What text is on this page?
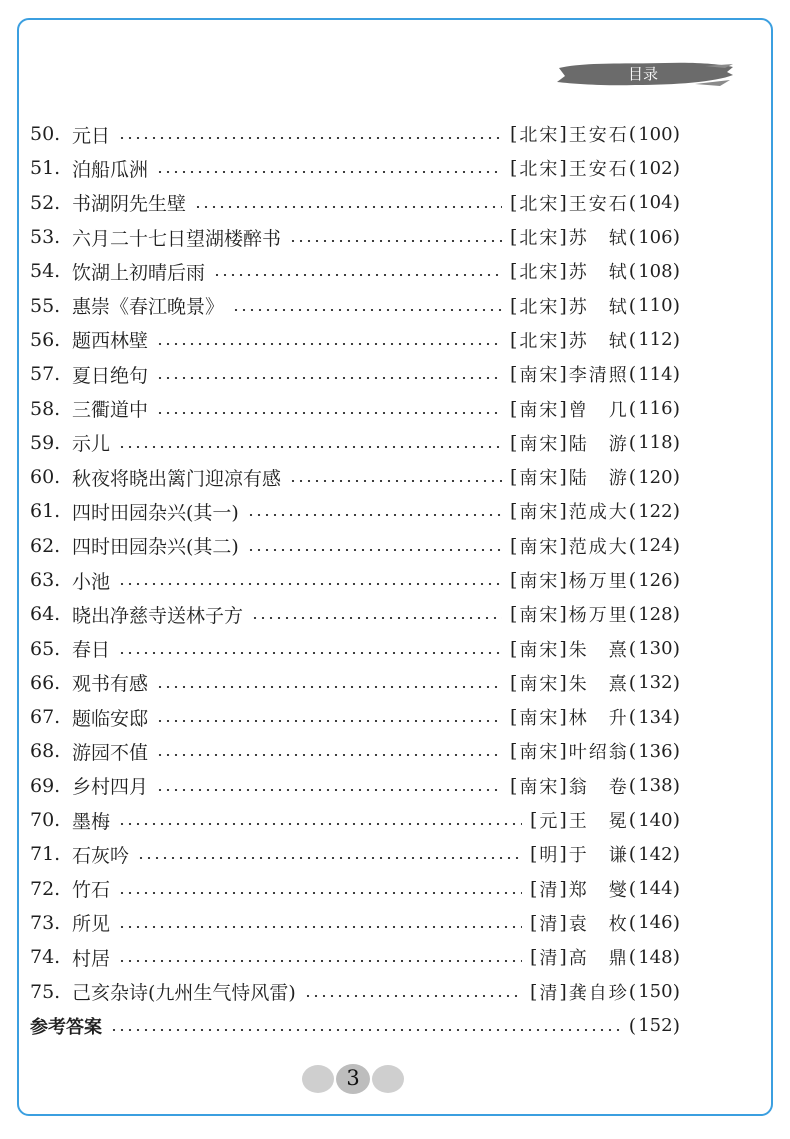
目录
50. 元日	[ 北宋 ] 王安石 ( 100 )
51. 泊船瓜洲	[ 北宋 ] 王安石 ( 102 )
52. 书湖阴先生壁	[ 北宋 ] 王安石 ( 104 )
53. 六月二十七日望湖楼醉书	[ 北宋 ] 苏　轼 ( 106 )
54. 饮湖上初晴后雨	[ 北宋 ] 苏　轼 ( 108 )
55. 惠崇《春江晚景》	[ 北宋 ] 苏　轼 ( 110 )
56. 题西林壁	[ 北宋 ] 苏　轼 ( 112 )
57. 夏日绝句	[ 南宋 ] 李清照 ( 114 )
58. 三衢道中	[ 南宋 ] 曾　几 ( 116 )
59. 示儿	[ 南宋 ] 陆　游 ( 118 )
60. 秋夜将晓出篱门迎凉有感	[ 南宋 ] 陆　游 ( 120 )
61. 四时田园杂兴(其一)	[ 南宋 ] 范成大 ( 122 )
62. 四时田园杂兴(其二)	[ 南宋 ] 范成大 ( 124 )
63. 小池	[ 南宋 ] 杨万里 ( 126 )
64. 晓出净慈寺送林子方	[ 南宋 ] 杨万里 ( 128 )
65. 春日	[ 南宋 ] 朱　熹 ( 130 )
66. 观书有感	[ 南宋 ] 朱　熹 ( 132 )
67. 题临安邸	[ 南宋 ] 林　升 ( 134 )
68. 游园不值	[ 南宋 ] 叶绍翁 ( 136 )
69. 乡村四月	[ 南宋 ] 翁　卷 ( 138 )
70. 墨梅	[ 元 ] 王　冕 ( 140 )
71. 石灰吟	[ 明 ] 于　谦 ( 142 )
72. 竹石	[ 清 ] 郑　燮 ( 144 )
73. 所见	[ 清 ] 袁　枚 ( 146 )
74. 村居	[ 清 ] 高　鼎 ( 148 )
75. 己亥杂诗(九州生气恃风雷)	[ 清 ] 龚自珍 ( 150 )
参考答案	( 152 )
3
